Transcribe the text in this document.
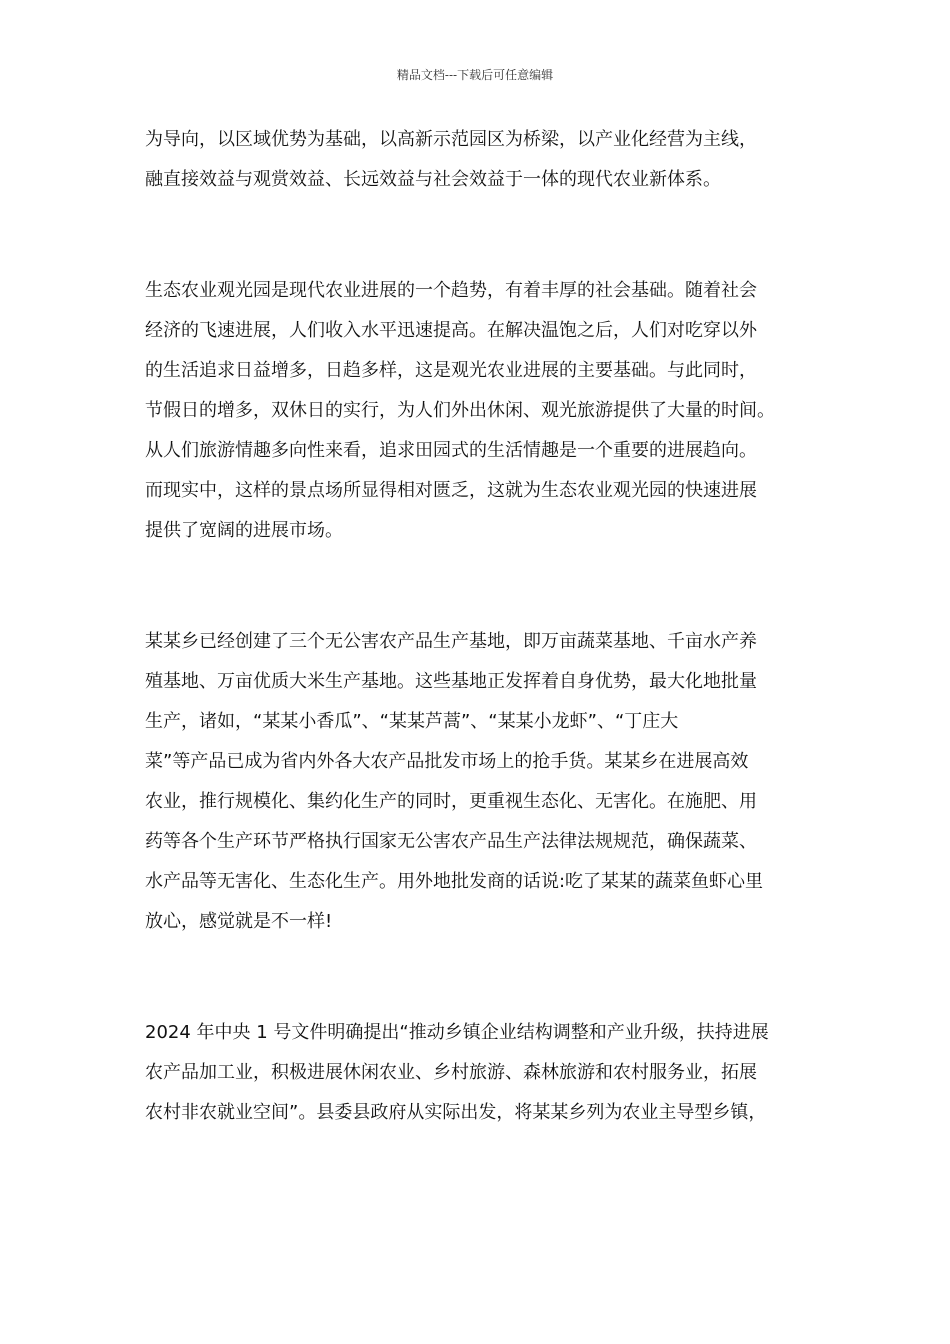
精品文档---下载后可任意编辑
为导向，以区域优势为基础，以高新示范园区为桥梁，以产业化经营为主线，
融直接效益与观赏效益、长远效益与社会效益于一体的现代农业新体系。
生态农业观光园是现代农业进展的一个趋势，有着丰厚的社会基础。随着社会
经济的飞速进展，人们收入水平迅速提高。在解决温饱之后，人们对吃穿以外
的生活追求日益增多，日趋多样，这是观光农业进展的主要基础。与此同时，
节假日的增多，双休日的实行，为人们外出休闲、观光旅游提供了大量的时间。
从人们旅游情趣多向性来看，追求田园式的生活情趣是一个重要的进展趋向。
而现实中，这样的景点场所显得相对匮乏，这就为生态农业观光园的快速进展
提供了宽阔的进展市场。
某某乡已经创建了三个无公害农产品生产基地，即万亩蔬菜基地、千亩水产养
殖基地、万亩优质大米生产基地。这些基地正发挥着自身优势，最大化地批量
生产，诸如，“某某小香瓜”、“某某芦蒿”、“某某小龙虾”、“丁庄大
菜”等产品已成为省内外各大农产品批发市场上的抢手货。某某乡在进展高效
农业，推行规模化、集约化生产的同时，更重视生态化、无害化。在施肥、用
药等各个生产环节严格执行国家无公害农产品生产法律法规规范，确保蔬菜、
水产品等无害化、生态化生产。用外地批发商的话说:吃了某某的蔬菜鱼虾心里
放心，感觉就是不一样!
2024 年中央 1 号文件明确提出“推动乡镇企业结构调整和产业升级，扶持进展
农产品加工业，积极进展休闲农业、乡村旅游、森林旅游和农村服务业，拓展
农村非农就业空间”。县委县政府从实际出发，将某某乡列为农业主导型乡镇，
